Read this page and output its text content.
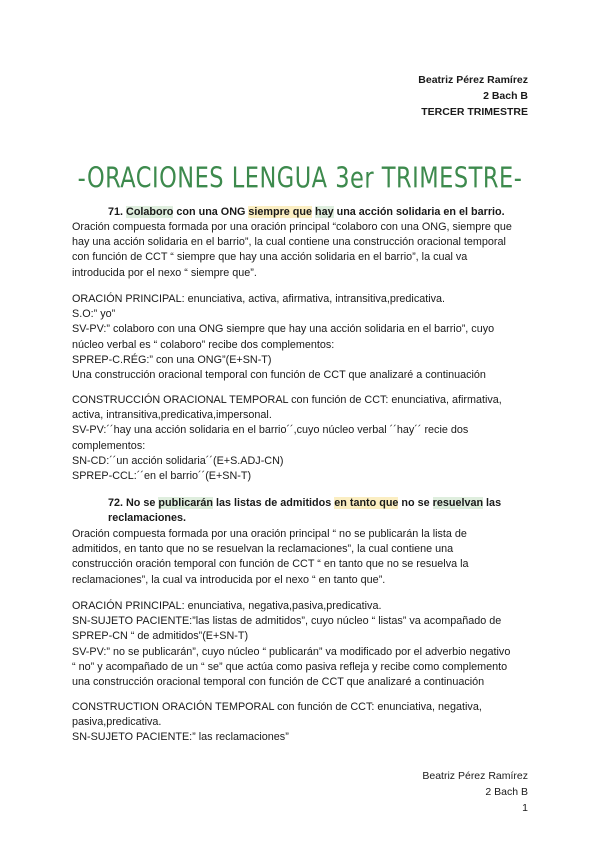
Beatriz Pérez Ramírez
2 Bach B
TERCER TRIMESTRE
-ORACIONES LENGUA 3er TRIMESTRE-
71. Colaboro con una ONG siempre que hay una acción solidaria en el barrio.
Oración compuesta formada por una oración principal “colaboro con una ONG, siempre que
hay una acción solidaria en el barrio”, la cual contiene una construcción oracional temporal
con función de CCT “ siempre que hay una acción solidaria en el barrio”, la cual va
introducida por el nexo “ siempre que”.
ORACIÓN PRINCIPAL: enunciativa, activa, afirmativa, intransitiva,predicativa.
S.O:” yo”
SV-PV:” colaboro con una ONG siempre que hay una acción solidaria en el barrio”, cuyo
núcleo verbal es “ colaboro” recibe dos complementos:
SPREP-C.RÉG:” con una ONG”(E+SN-T)
Una construcción oracional temporal con función de CCT que analizaré a continuación
CONSTRUCCIÓN ORACIONAL TEMPORAL con función de CCT: enunciativa, afirmativa,
activa, intransitiva,predicativa,impersonal.
SV-PV:´´hay una acción solidaria en el barrio´´,cuyo núcleo verbal ´´hay´´ recie dos
complementos:
SN-CD:´´un acción solidaria´´(E+S.ADJ-CN)
SPREP-CCL:´´en el barrio´´(E+SN-T)
72. No se publicarán las listas de admitidos en tanto que no se resuelvan las
reclamaciones.
Oración compuesta formada por una oración principal “ no se publicarán la lista de
admitidos, en tanto que no se resuelvan la reclamaciones”, la cual contiene una
construcción oración temporal con función de CCT “ en tanto que no se resuelva la
reclamaciones”, la cual va introducida por el nexo “ en tanto que”.
ORACIÓN PRINCIPAL: enunciativa, negativa,pasiva,predicativa.
SN-SUJETO PACIENTE:”las listas de admitidos”, cuyo núcleo “ listas” va acompañado de
SPREP-CN “ de admitidos”(E+SN-T)
SV-PV:” no se publicarán”, cuyo núcleo “ publicarán” va modificado por el adverbio negativo
“ no” y acompañado de un “ se” que actúa como pasiva refleja y recibe como complemento
una construcción oracional temporal con función de CCT que analizaré a continuación
CONSTRUCTION ORACIÓN TEMPORAL con función de CCT: enunciativa, negativa,
pasiva,predicativa.
SN-SUJETO PACIENTE:” las reclamaciones”
Beatriz Pérez Ramírez
2 Bach B
1
